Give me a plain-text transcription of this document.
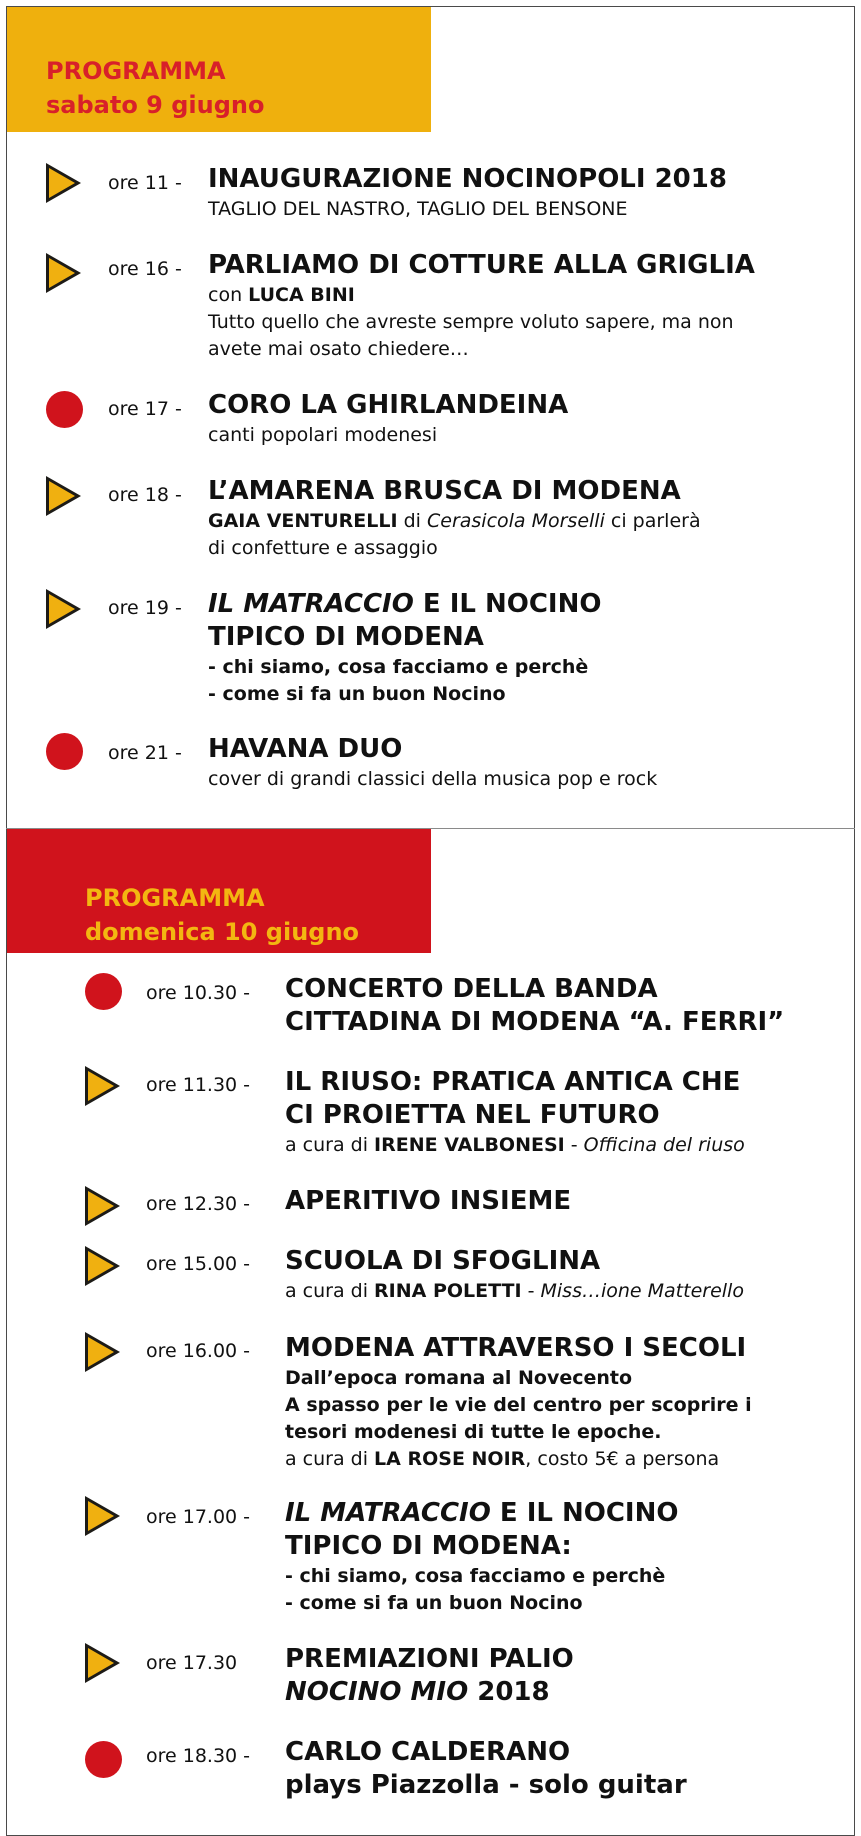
PROGRAMMA
sabato 9 giugno
ore 11 - INAUGURAZIONE NOCINOPOLI 2018
TAGLIO DEL NASTRO, TAGLIO DEL BENSONE
ore 16 - PARLIAMO DI COTTURE ALLA GRIGLIA
con LUCA BINI
Tutto quello che avreste sempre voluto sapere, ma non
avete mai osato chiedere…
ore 17 - CORO LA GHIRLANDEINA
canti popolari modenesi
ore 18 - L’AMARENA BRUSCA DI MODENA
GAIA VENTURELLI di Cerasicola Morselli ci parlerà
di confetture e assaggio
ore 19 - IL MATRACCIO E IL NOCINO
TIPICO DI MODENA
- chi siamo, cosa facciamo e perchè
- come si fa un buon Nocino
ore 21 - HAVANA DUO
cover di grandi classici della musica pop e rock
PROGRAMMA
domenica 10 giugno
ore 10.30 - CONCERTO DELLA BANDA
CITTADINA DI MODENA “A. FERRI”
ore 11.30 - IL RIUSO: PRATICA ANTICA CHE
CI PROIETTA NEL FUTURO
a cura di IRENE VALBONESI - Officina del riuso
ore 12.30 - APERITIVO INSIEME
ore 15.00 - SCUOLA DI SFOGLINA
a cura di RINA POLETTI - Miss…ione Matterello
ore 16.00 - MODENA ATTRAVERSO I SECOLI
Dall’epoca romana al Novecento
A spasso per le vie del centro per scoprire i
tesori modenesi di tutte le epoche.
a cura di LA ROSE NOIR, costo 5€ a persona
ore 17.00 - IL MATRACCIO E IL NOCINO
TIPICO DI MODENA:
- chi siamo, cosa facciamo e perchè
- come si fa un buon Nocino
ore 17.30 PREMIAZIONI PALIO
NOCINO MIO 2018
ore 18.30 - CARLO CALDERANO
plays Piazzolla - solo guitar
